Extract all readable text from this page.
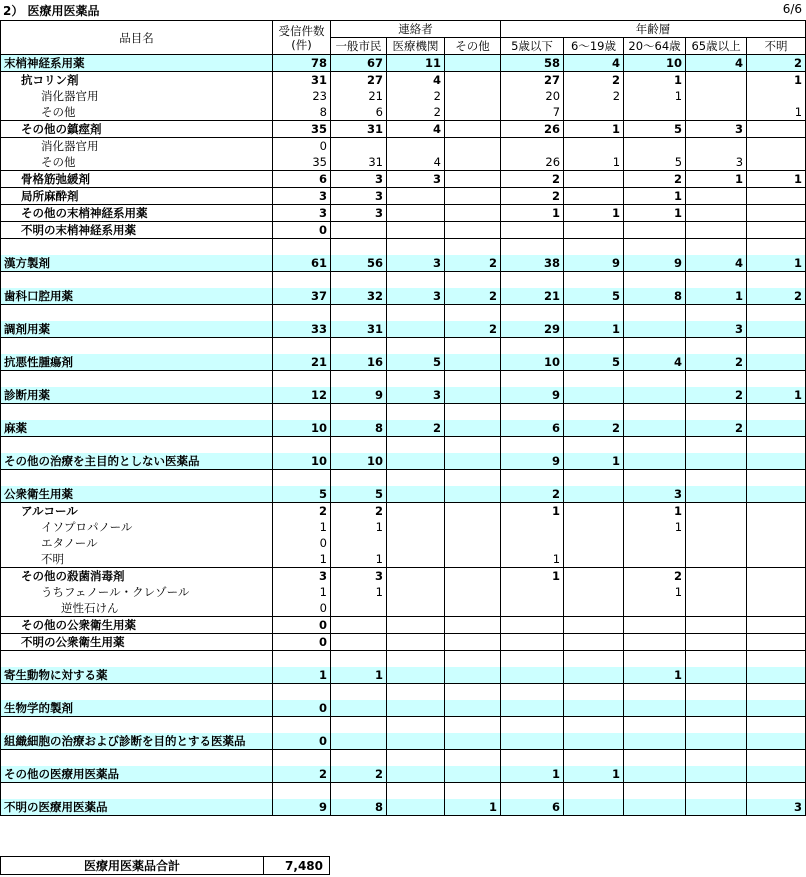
2） 医療用医薬品	6/6
品目名	受信件数
(件)	連絡者			年齢層				
		一般市民	医療機関	その他	5歳以下	6～19歳	20～64歳	65歳以上	不明
末梢神経系用薬	78	67	11		58	4	10	4	2
抗コリン剤	31	27	4		27	2	1		1
消化器官用	23	21	2		20	2	1		
その他	8	6	2		7				1
その他の鎮痙剤	35	31	4		26	1	5	3	
消化器官用	0								
その他	35	31	4		26	1	5	3	
骨格筋弛緩剤	6	3	3		2		2	1	1
局所麻酔剤	3	3			2		1		
その他の末梢神経系用薬	3	3			1	1	1		
不明の末梢神経系用薬	0								

漢方製剤	61	56	3	2	38	9	9	4	1

歯科口腔用薬	37	32	3	2	21	5	8	1	2

調剤用薬	33	31		2	29	1		3	

抗悪性腫瘍剤	21	16	5		10	5	4	2	

診断用薬	12	9	3		9			2	1

麻薬	10	8	2		6	2		2	

その他の治療を主目的としない医薬品	10	10			9	1			

公衆衛生用薬	5	5			2		3		
アルコール	2	2			1		1		
イソプロパノール	1	1					1		
エタノール	0								
不明	1	1			1				
その他の殺菌消毒剤	3	3			1		2		
うちフェノール・クレゾール	1	1					1		
逆性石けん	0								
その他の公衆衛生用薬	0								
不明の公衆衛生用薬	0								

寄生動物に対する薬	1	1					1		

生物学的製剤	0								

組織細胞の治療および診断を目的とする医薬品	0								

その他の医療用医薬品	2	2			1	1			

不明の医療用医薬品	9	8		1	6				3
医療用医薬品合計	7,480
